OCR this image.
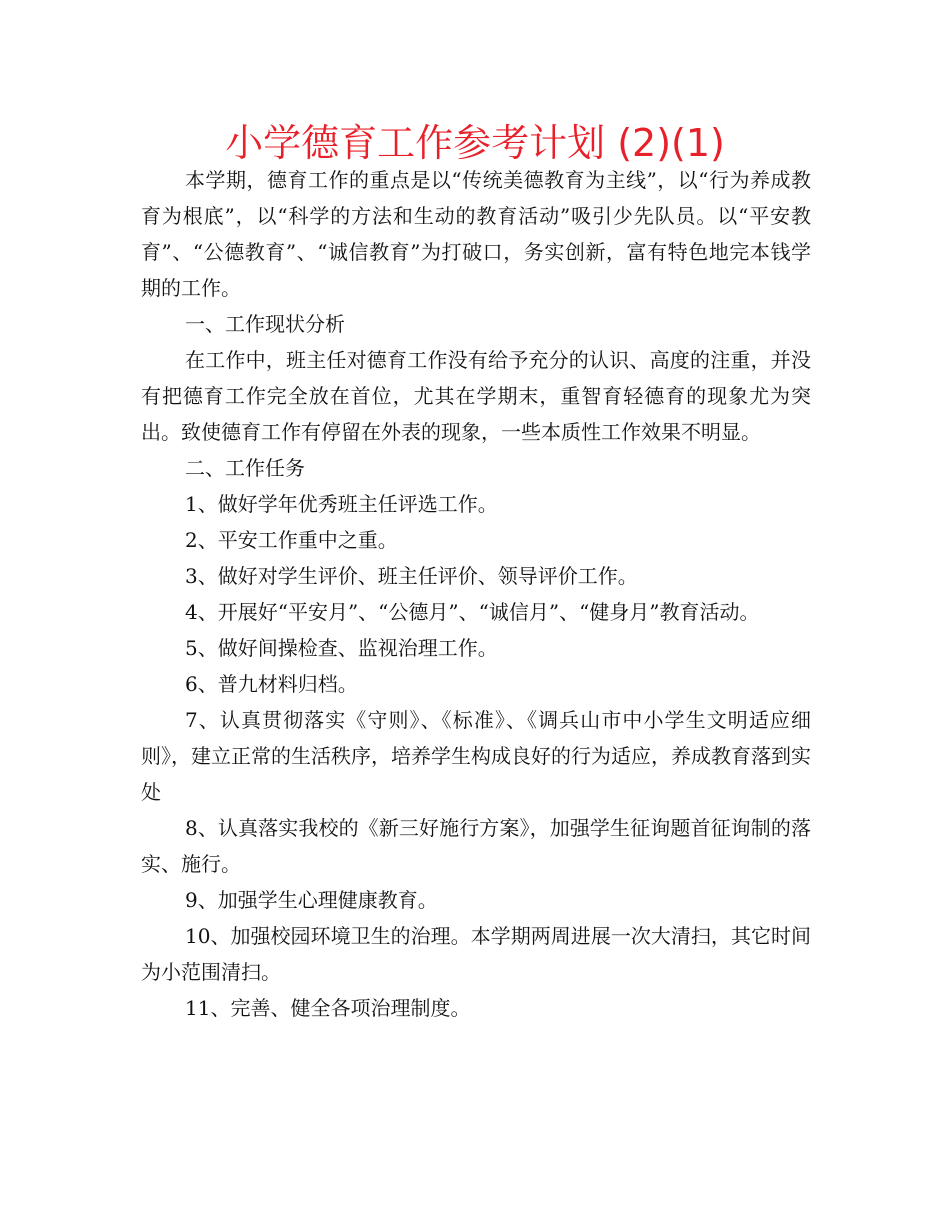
小学德育工作参考计划 (2)(1)

本学期，德育工作的重点是以“传统美德教育为主线”，以“行为养成教育为根底”，以“科学的方法和生动的教育活动”吸引少先队员。以“平安教育”、“公德教育”、“诚信教育”为打破口，务实创新，富有特色地完本钱学期的工作。

一、工作现状分析

在工作中，班主任对德育工作没有给予充分的认识、高度的注重，并没有把德育工作完全放在首位，尤其在学期末，重智育轻德育的现象尤为突出。致使德育工作有停留在外表的现象，一些本质性工作效果不明显。

二、工作任务

1、做好学年优秀班主任评选工作。

2、平安工作重中之重。

3、做好对学生评价、班主任评价、领导评价工作。

4、开展好“平安月”、“公德月”、“诚信月”、“健身月”教育活动。

5、做好间操检查、监视治理工作。

6、普九材料归档。

7、认真贯彻落实《守则》、《标准》、《调兵山市中小学生文明适应细则》，建立正常的生活秩序，培养学生构成良好的行为适应，养成教育落到实处

8、认真落实我校的《新三好施行方案》，加强学生征询题首征询制的落实、施行。

9、加强学生心理健康教育。

10、加强校园环境卫生的治理。本学期两周进展一次大清扫，其它时间为小范围清扫。

11、完善、健全各项治理制度。
